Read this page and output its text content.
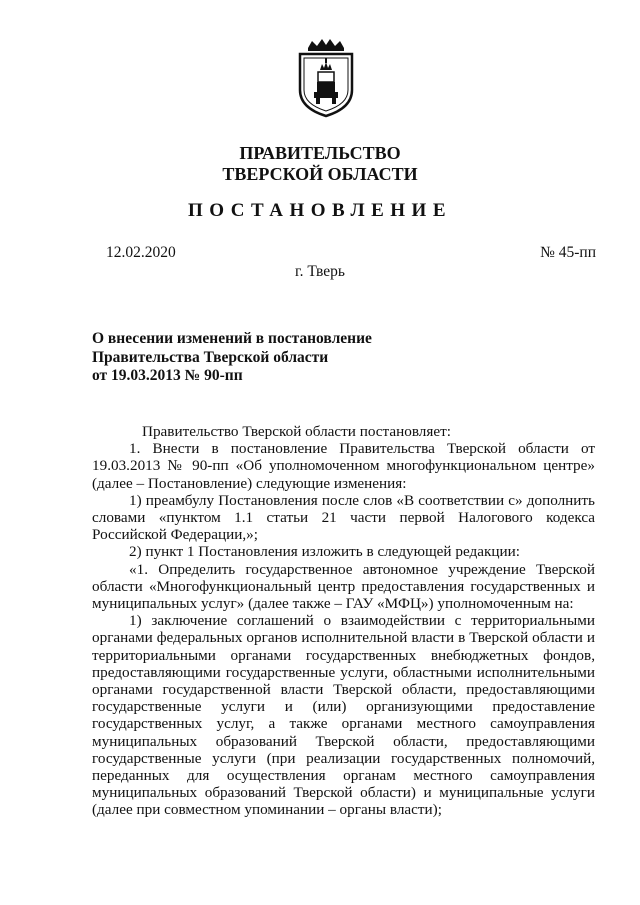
ПРАВИТЕЛЬСТВО
ТВЕРСКОЙ ОБЛАСТИ
ПОСТАНОВЛЕНИЕ
12.02.2020	№ 45-пп
г. Тверь
О внесении изменений в постановление
Правительства Тверской области
от 19.03.2013 № 90-пп

Правительство Тверской области постановляет:

1. Внести в постановление Правительства Тверской области от 19.03.2013 № 90-пп «Об уполномоченном многофункциональном центре» (далее – Постановление) следующие изменения:

1) преамбулу Постановления после слов «В соответствии с» дополнить словами «пунктом 1.1 статьи 21 части первой Налогового кодекса Российской Федерации,»;

2) пункт 1 Постановления изложить в следующей редакции:

«1. Определить государственное автономное учреждение Тверской области «Многофункциональный центр предоставления государственных и муниципальных услуг» (далее также – ГАУ «МФЦ») уполномоченным на:

1) заключение соглашений о взаимодействии с территориальными органами федеральных органов исполнительной власти в Тверской области и территориальными органами государственных внебюджетных фондов, предоставляющими государственные услуги, областными исполнительными органами государственной власти Тверской области, предоставляющими государственные услуги и (или) организующими предоставление государственных услуг, а также органами местного самоуправления муниципальных образований Тверской области, предоставляющими государственные услуги (при реализации государственных полномочий, переданных для осуществления органам местного самоуправления муниципальных образований Тверской области) и муниципальные услуги (далее при совместном упоминании – органы власти);
